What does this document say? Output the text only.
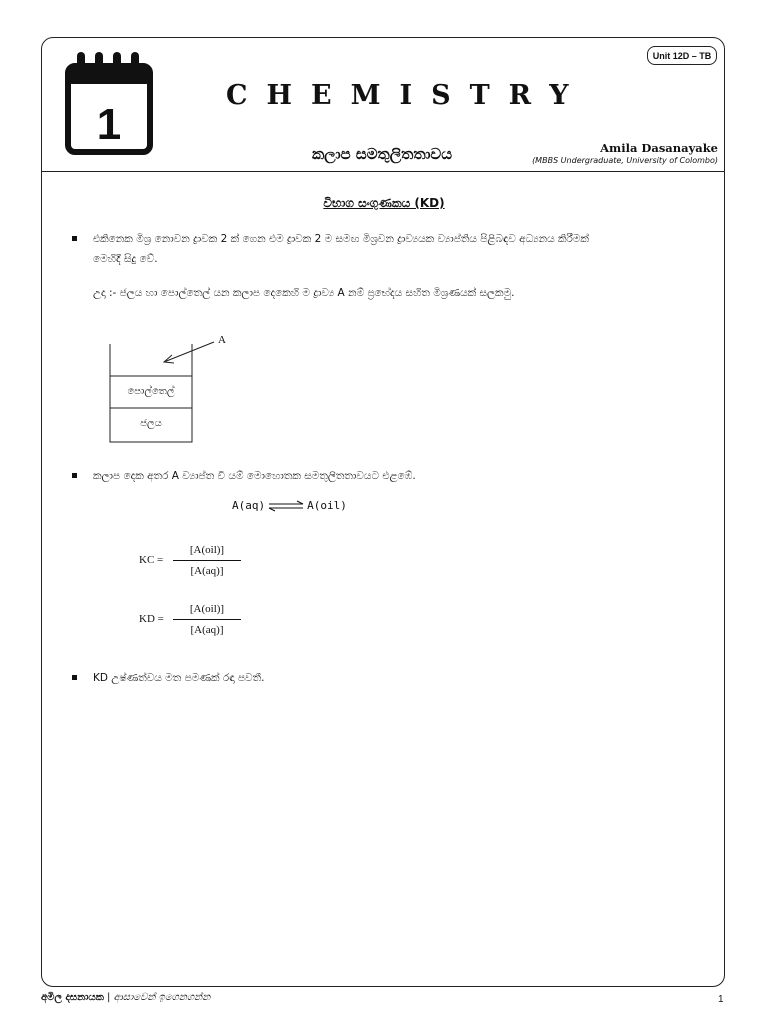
1
CHEMISTRY
Unit 12D – TB
කලාප සමතුලිතතාවය	Amila Dasanayake
(MBBS Undergraduate, University of Colombo)
විභාග සංගුණකය (KD)
එකිනෙක මිශ්‍ර නොවන ද්‍රාවක 2 ක් ගෙන එම ද්‍රාවක 2 ම සමඟ මිශ්‍රවන ද්‍රාව්‍යයක ව්‍යාප්තිය පිළිබඳව අධ්‍යනය කිරීමක්
මෙහිදී සිදු වේ.
උදා :- ජලය හා පොල්තෙල් යන කලාප දෙකෙහි ම ද්‍රාව්‍ය A නම් ප්‍රභේදය සහිත මිශ්‍රණයක් සලකමු.
A
පොල්තෙල්
ජලය
කලාප දෙක අතර A ව්‍යාප්ත වී යම් මොහොතක සමතුලිතතාවයට එළඹේ.
A(aq) ⇌ A(oil)
KC =
[A(oil)]
[A(aq)]
KD =
[A(oil)]
[A(aq)]
KD උෂ්ණත්වය මත පමණක් රඳා පවතී.
අමිල දසනායක | ආසාවෙන් ඉගෙනගන්න	1
